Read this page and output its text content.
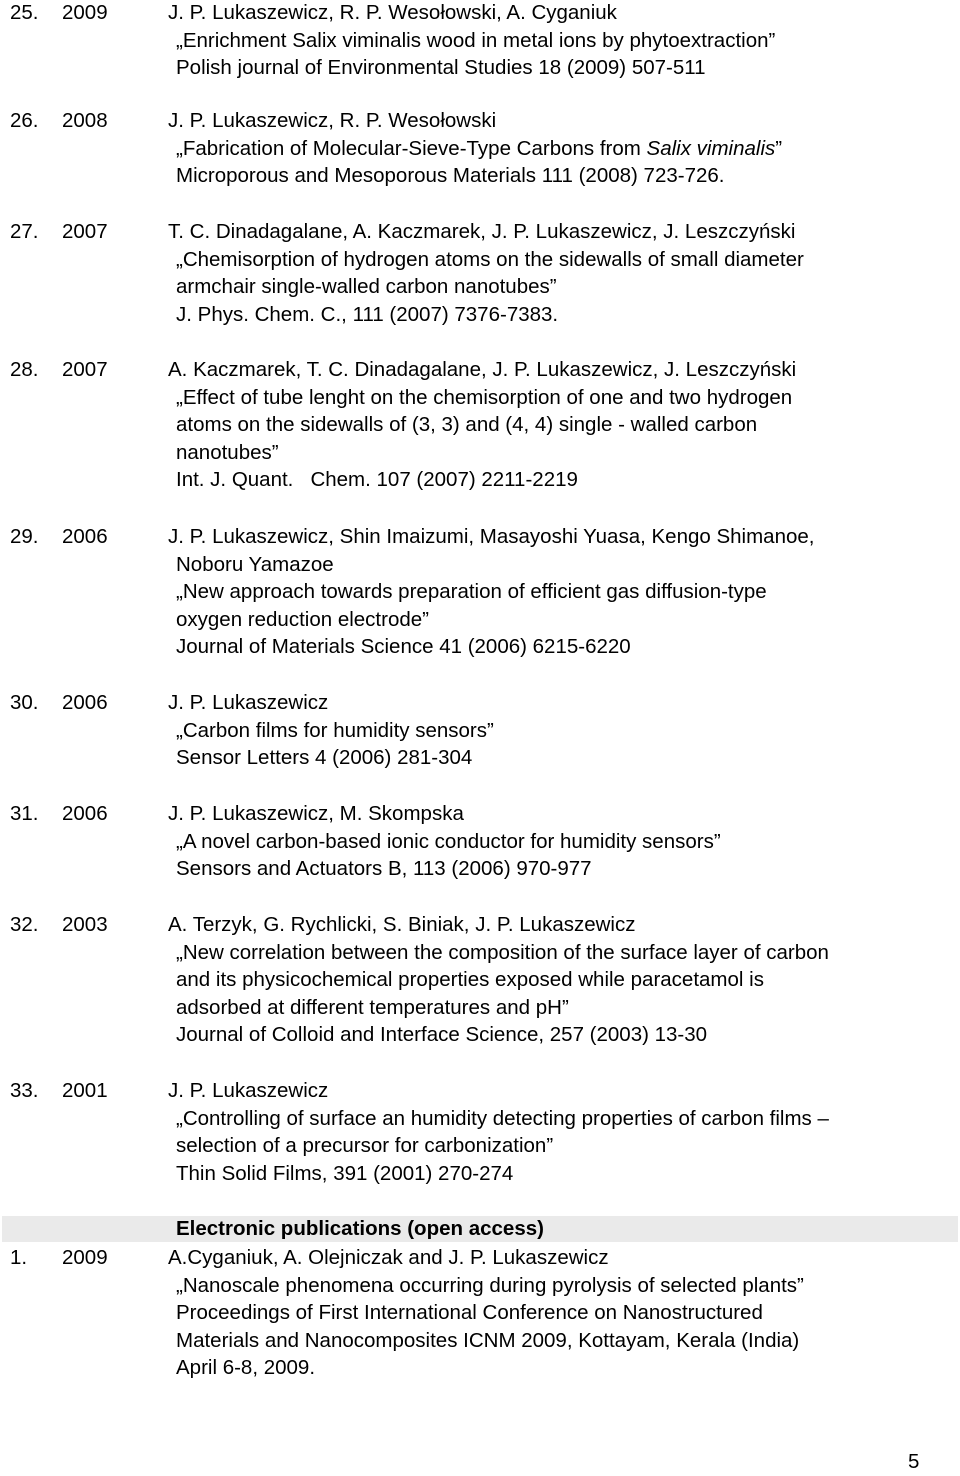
25.	2009	J. P. Lukaszewicz, R. P. Wesołowski, A. Cyganiuk
„Enrichment Salix viminalis wood in metal ions by phytoextraction”
Polish journal of Environmental Studies 18 (2009) 507-511
26.	2008	J. P. Lukaszewicz, R. P. Wesołowski
„Fabrication of Molecular-Sieve-Type Carbons from Salix viminalis”
Microporous and Mesoporous Materials 111 (2008) 723-726.
27.	2007	T. C. Dinadagalane, A. Kaczmarek, J. P. Lukaszewicz, J. Leszczyński
„Chemisorption of hydrogen atoms on the sidewalls of small diameter
armchair single-walled carbon nanotubes”
J. Phys. Chem. C., 111 (2007) 7376-7383.
28.	2007	A. Kaczmarek, T. C. Dinadagalane, J. P. Lukaszewicz, J. Leszczyński
„Effect of tube lenght on the chemisorption of one and two hydrogen
atoms on the sidewalls of (3, 3) and (4, 4) single - walled carbon
nanotubes”
Int. J. Quant.   Chem. 107 (2007) 2211-2219
29.	2006	J. P. Lukaszewicz, Shin Imaizumi, Masayoshi Yuasa, Kengo Shimanoe,
Noboru Yamazoe
„New approach towards preparation of efficient gas diffusion-type
oxygen reduction electrode”
Journal of Materials Science 41 (2006) 6215-6220
30.	2006	J. P. Lukaszewicz
„Carbon films for humidity sensors”
Sensor Letters 4 (2006) 281-304
31.	2006	J. P. Lukaszewicz, M. Skompska
„A novel carbon-based ionic conductor for humidity sensors”
Sensors and Actuators B, 113 (2006) 970-977
32.	2003	A. Terzyk, G. Rychlicki, S. Biniak, J. P. Lukaszewicz
„New correlation between the composition of the surface layer of carbon
and its physicochemical properties exposed while paracetamol is
adsorbed at different temperatures and pH”
Journal of Colloid and Interface Science, 257 (2003) 13-30
33.	2001	J. P. Lukaszewicz
„Controlling of surface an humidity detecting properties of carbon films –
selection of a precursor for carbonization”
Thin Solid Films, 391 (2001) 270-274
Electronic publications (open access)
1.	2009	A.Cyganiuk, A. Olejniczak and J. P. Lukaszewicz
„Nanoscale phenomena occurring during pyrolysis of selected plants”
Proceedings of First International Conference on Nanostructured
Materials and Nanocomposites ICNM 2009, Kottayam, Kerala (India)
April 6-8, 2009.
5
